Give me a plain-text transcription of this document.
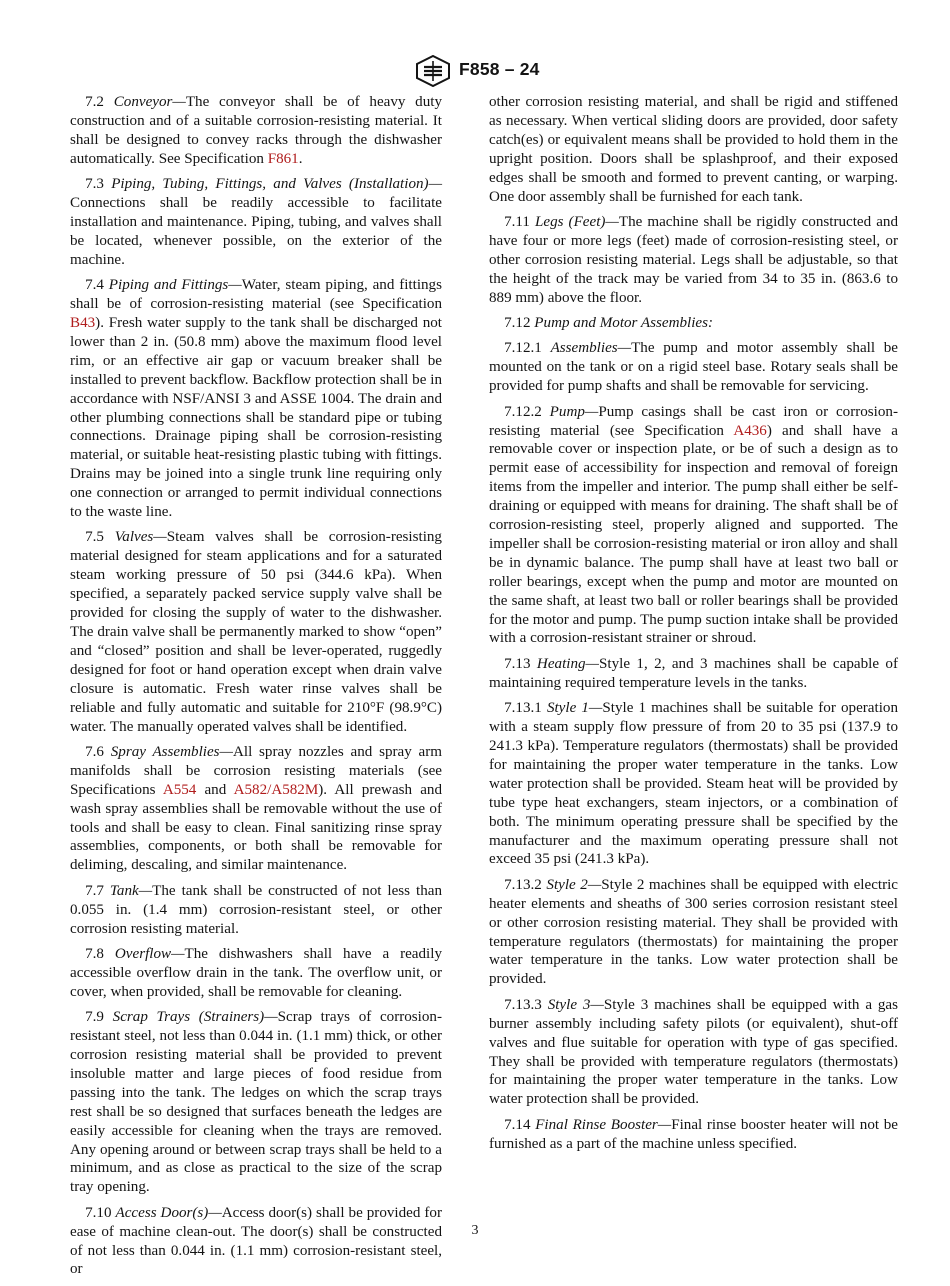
F858 – 24

 7.2 Conveyor—The conveyor shall be of heavy duty construction and of a suitable corrosion-resisting material. It shall be designed to convey racks through the dishwasher automatically. See Specification F861.

 7.3 Piping, Tubing, Fittings, and Valves (Installation)—Connections shall be readily accessible to facilitate installation and maintenance. Piping, tubing, and valves shall be located, whenever possible, on the exterior of the machine.

 7.4 Piping and Fittings—Water, steam piping, and fittings shall be of corrosion-resisting material (see Specification B43). Fresh water supply to the tank shall be discharged not lower than 2 in. (50.8 mm) above the maximum flood level rim, or an effective air gap or vacuum breaker shall be installed to prevent backflow. Backflow protection shall be in accordance with NSF/ANSI 3 and ASSE 1004. The drain and other plumbing connections shall be standard pipe or tubing connections. Drainage piping shall be corrosion-resisting material, or suitable heat-resisting plastic tubing with fittings. Drains may be joined into a single trunk line requiring only one connection or arranged to permit individual connections to the waste line.

 7.5 Valves—Steam valves shall be corrosion-resisting material designed for steam applications and for a saturated steam working pressure of 50 psi (344.6 kPa). When specified, a separately packed service supply valve shall be provided for closing the supply of water to the dishwasher. The drain valve shall be permanently marked to show “open” and “closed” position and shall be lever-operated, ruggedly designed for foot or hand operation except when drain valve closure is automatic. Fresh water rinse valves shall be reliable and fully automatic and suitable for 210°F (98.9°C) water. The manually operated valves shall be identified.

 7.6 Spray Assemblies—All spray nozzles and spray arm manifolds shall be corrosion resisting materials (see Specifications A554 and A582/A582M). All prewash and wash spray assemblies shall be removable without the use of tools and shall be easy to clean. Final sanitizing rinse spray assemblies, components, or both shall be removable for deliming, descaling, and similar maintenance.

 7.7 Tank—The tank shall be constructed of not less than 0.055 in. (1.4 mm) corrosion-resistant steel, or other corrosion resisting material.

 7.8 Overflow—The dishwashers shall have a readily accessible overflow drain in the tank. The overflow unit, or cover, when provided, shall be removable for cleaning.

 7.9 Scrap Trays (Strainers)—Scrap trays of corrosion-resistant steel, not less than 0.044 in. (1.1 mm) thick, or other corrosion resisting material shall be provided to prevent insoluble matter and large pieces of food residue from passing into the tank. The ledges on which the scrap trays rest shall be so designed that surfaces beneath the ledges are easily accessible for cleaning when the trays are removed. Any opening around or between scrap trays shall be held to a minimum, and as close as practical to the size of the scrap tray opening.

 7.10 Access Door(s)—Access door(s) shall be provided for ease of machine clean-out. The door(s) shall be constructed of not less than 0.044 in. (1.1 mm) corrosion-resistant steel, or

other corrosion resisting material, and shall be rigid and stiffened as necessary. When vertical sliding doors are provided, door safety catch(es) or equivalent means shall be provided to hold them in the upright position. Doors shall be splashproof, and their exposed edges shall be smooth and formed to prevent canting, or warping. One door assembly shall be furnished for each tank.

 7.11 Legs (Feet)—The machine shall be rigidly constructed and have four or more legs (feet) made of corrosion-resisting steel, or other corrosion resisting material. Legs shall be adjustable, so that the height of the track may be varied from 34 to 35 in. (863.6 to 889 mm) above the floor.

 7.12 Pump and Motor Assemblies:

 7.12.1 Assemblies—The pump and motor assembly shall be mounted on the tank or on a rigid steel base. Rotary seals shall be provided for pump shafts and shall be removable for servicing.

 7.12.2 Pump—Pump casings shall be cast iron or corrosion-resisting material (see Specification A436) and shall have a removable cover or inspection plate, or be of such a design as to permit ease of accessibility for inspection and removal of foreign items from the impeller and interior. The pump shall either be self-draining or equipped with means for draining. The shaft shall be of corrosion-resisting steel, properly aligned and supported. The impeller shall be corrosion-resisting material or iron alloy and shall be in dynamic balance. The pump shall have at least two ball or roller bearings, except when the pump and motor are mounted on the same shaft, at least two ball or roller bearings shall be provided for the motor and pump. The pump suction intake shall be provided with a corrosion-resistant strainer or shroud.

 7.13 Heating—Style 1, 2, and 3 machines shall be capable of maintaining required temperature levels in the tanks.

 7.13.1 Style 1—Style 1 machines shall be suitable for operation with a steam supply flow pressure of from 20 to 35 psi (137.9 to 241.3 kPa). Temperature regulators (thermostats) shall be provided for maintaining the proper water temperature in the tanks. Low water protection shall be provided. Steam heat will be provided by tube type heat exchangers, steam injectors, or a combination of both. The minimum operating pressure shall be specified by the manufacturer and the maximum operating pressure shall not exceed 35 psi (241.3 kPa).

 7.13.2 Style 2—Style 2 machines shall be equipped with electric heater elements and sheaths of 300 series corrosion resistant steel or other corrosion resisting material. They shall be provided with temperature regulators (thermostats) for maintaining the proper water temperature in the tanks. Low water protection shall be provided.

 7.13.3 Style 3—Style 3 machines shall be equipped with a gas burner assembly including safety pilots (or equivalent), shut-off valves and flue suitable for operation with type of gas specified. They shall be provided with temperature regulators (thermostats) for maintaining the proper water temperature in the tanks. Low water protection shall be provided.

 7.14 Final Rinse Booster—Final rinse booster heater will not be furnished as a part of the machine unless specified.

3
